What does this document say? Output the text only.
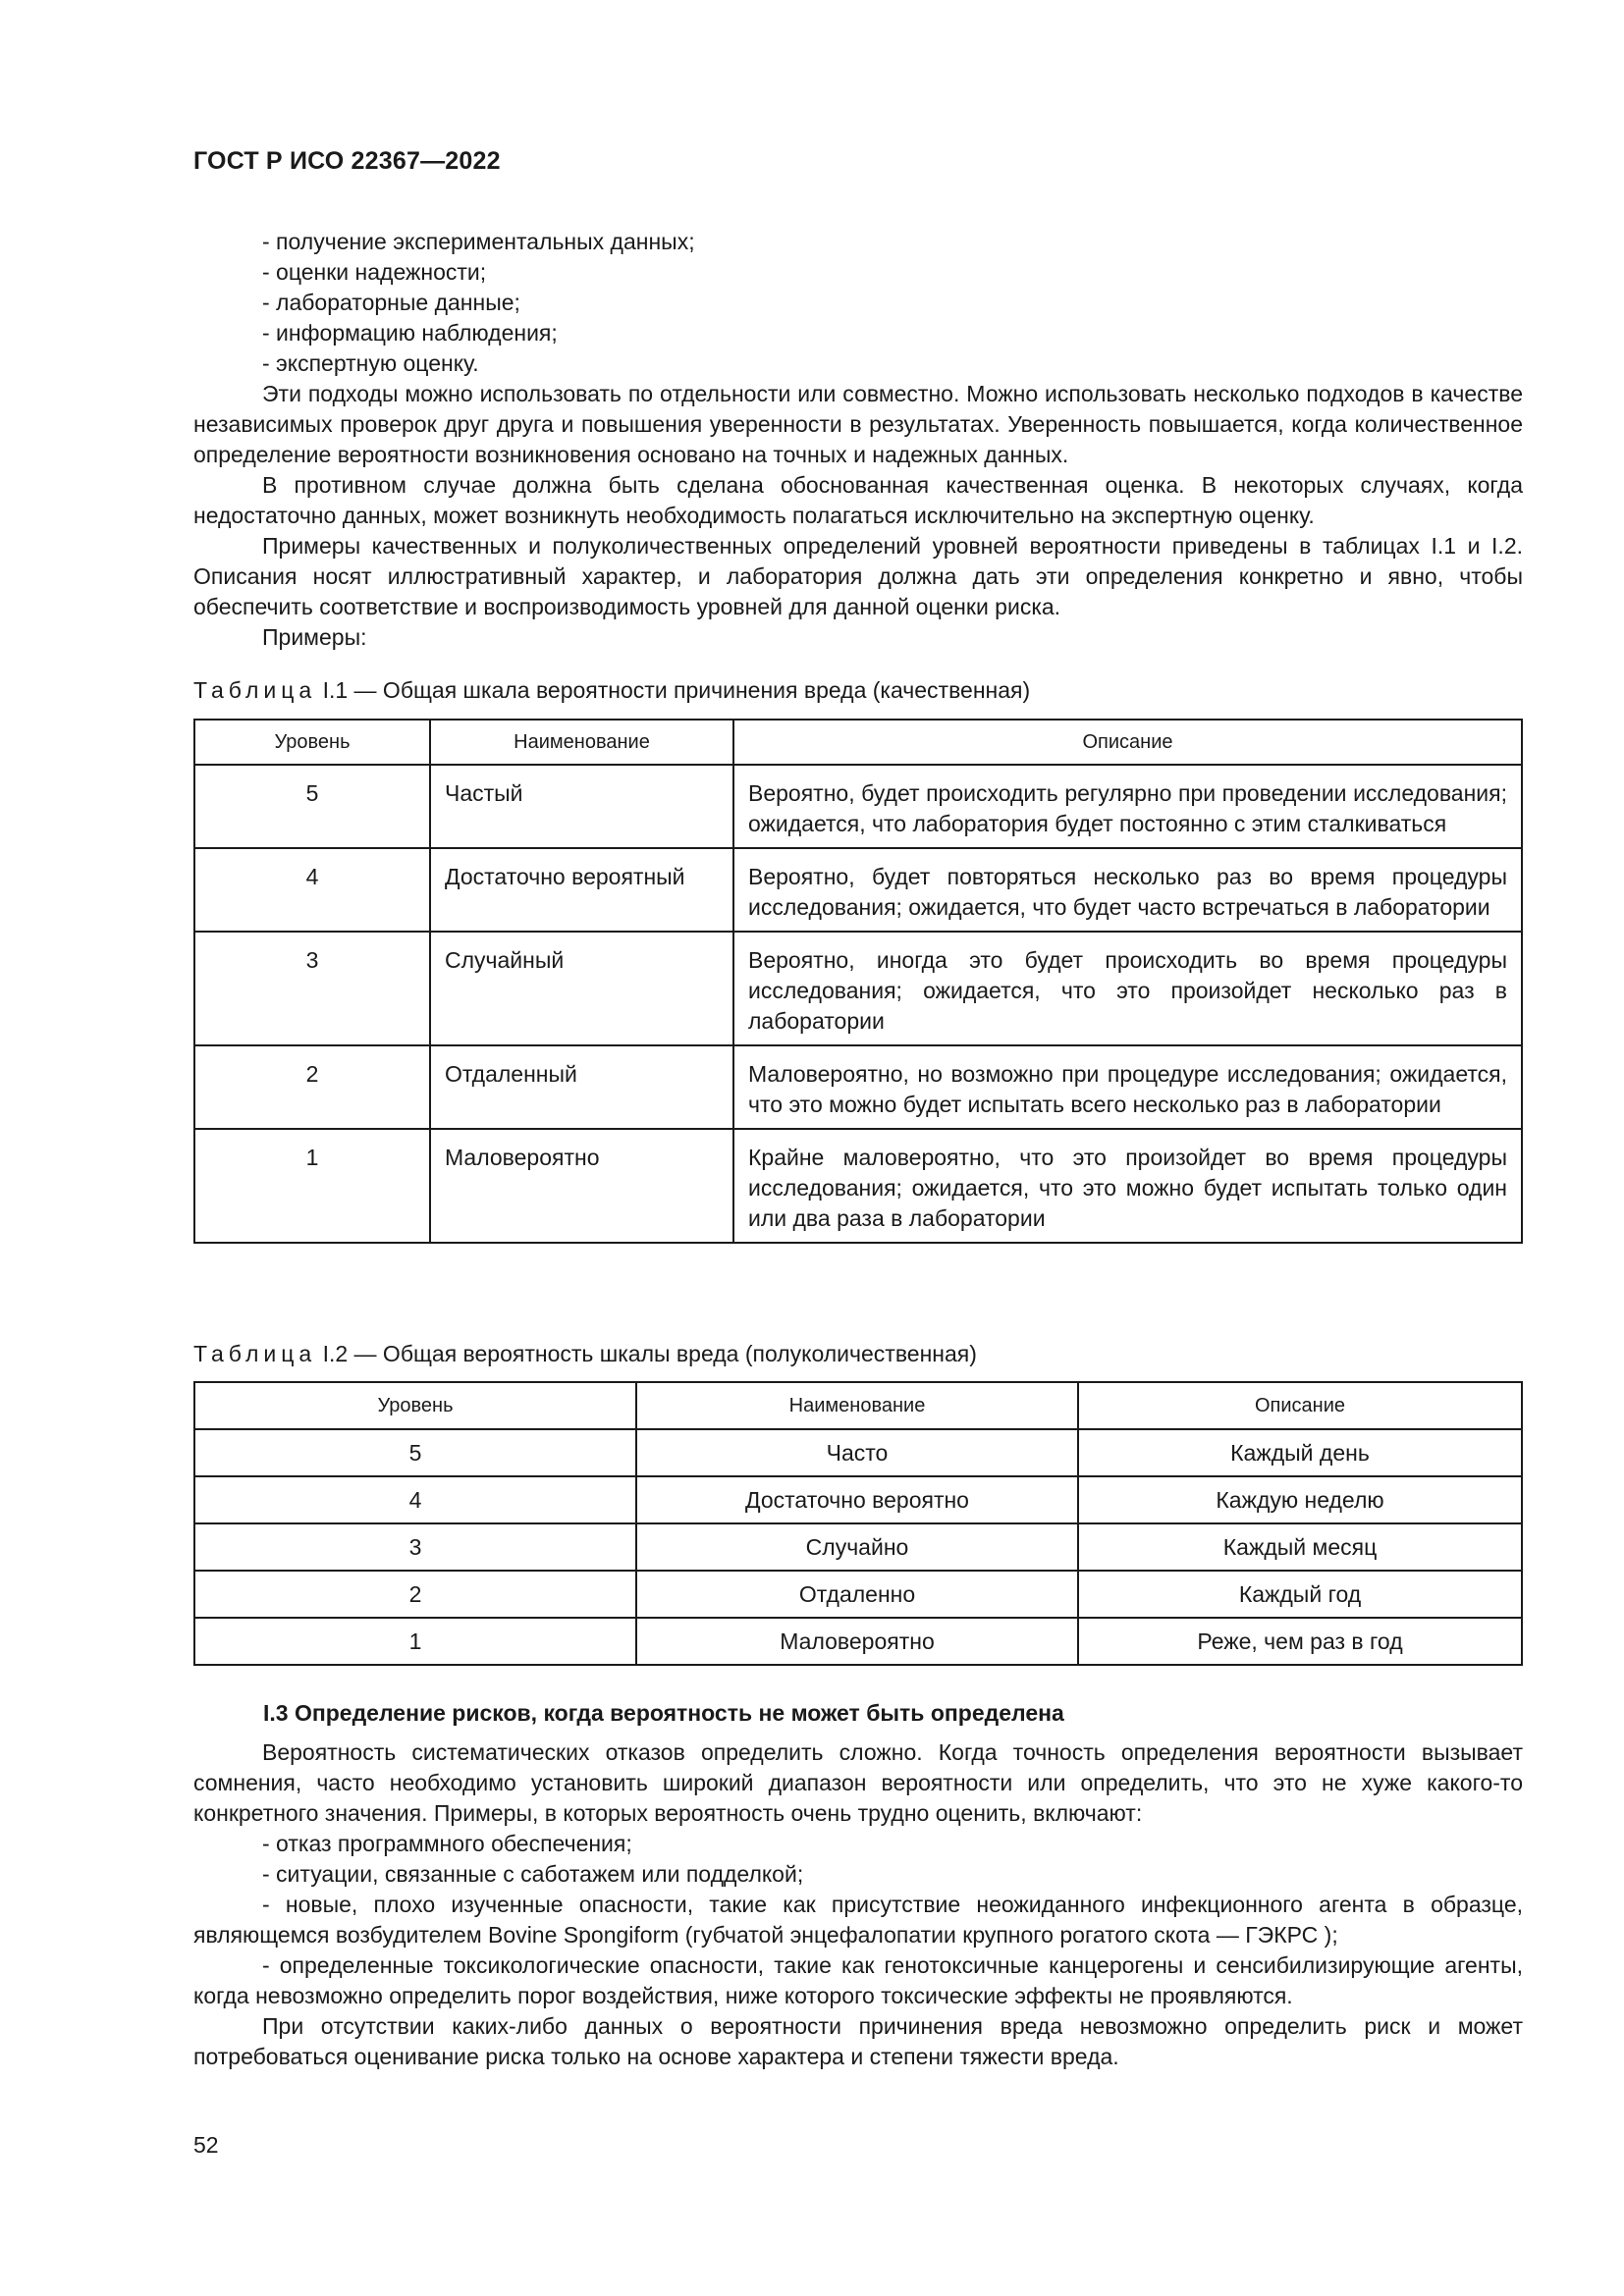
ГОСТ Р ИСО 22367—2022

- получение экспериментальных данных;

- оценки надежности;

- лабораторные данные;

- информацию наблюдения;

- экспертную оценку.

Эти подходы можно использовать по отдельности или совместно. Можно использовать несколько подходов в качестве независимых проверок друг друга и повышения уверенности в результатах. Уверенность повышается, когда количественное определение вероятности возникновения основано на точных и надежных данных.

В противном случае должна быть сделана обоснованная качественная оценка. В некоторых случаях, когда недостаточно данных, может возникнуть необходимость полагаться исключительно на экспертную оценку.

Примеры качественных и полуколичественных определений уровней вероятности приведены в таблицах I.1 и I.2. Описания носят иллюстративный характер, и лаборатория должна дать эти определения конкретно и явно, чтобы обеспечить соответствие и воспроизводимость уровней для данной оценки риска.

Примеры:

Таблица I.1 — Общая шкала вероятности причинения вреда (качественная)
Уровень	Наименование	Описание
5	Частый	Вероятно, будет происходить регулярно при проведении исследования; ожидается, что лаборатория будет постоянно с этим сталкиваться
4	Достаточно вероятный	Вероятно, будет повторяться несколько раз во время процедуры исследования; ожидается, что будет часто встречаться в лаборатории
3	Случайный	Вероятно, иногда это будет происходить во время процедуры исследования; ожидается, что это произойдет несколько раз в лаборатории
2	Отдаленный	Маловероятно, но возможно при процедуре исследования; ожидается, что это можно будет испытать всего несколько раз в лаборатории
1	Маловероятно	Крайне маловероятно, что это произойдет во время процедуры исследования; ожидается, что это можно будет испытать только один или два раза в лаборатории
Таблица I.2 — Общая вероятность шкалы вреда (полуколичественная)
Уровень	Наименование	Описание
5	Часто	Каждый день
4	Достаточно вероятно	Каждую неделю
3	Случайно	Каждый месяц
2	Отдаленно	Каждый год
1	Маловероятно	Реже, чем раз в год
I.3 Определение рисков, когда вероятность не может быть определена

Вероятность систематических отказов определить сложно. Когда точность определения вероятности вызывает сомнения, часто необходимо установить широкий диапазон вероятности или определить, что это не хуже какого-то конкретного значения. Примеры, в которых вероятность очень трудно оценить, включают:

- отказ программного обеспечения;

- ситуации, связанные с саботажем или подделкой;

- новые, плохо изученные опасности, такие как присутствие неожиданного инфекционного агента в образце, являющемся возбудителем Bovine Spongiform (губчатой энцефалопатии крупного рогатого скота — ГЭКРС );

- определенные токсикологические опасности, такие как генотоксичные канцерогены и сенсибилизирующие агенты, когда невозможно определить порог воздействия, ниже которого токсические эффекты не проявляются.

При отсутствии каких-либо данных о вероятности причинения вреда невозможно определить риск и может потребоваться оценивание риска только на основе характера и степени тяжести вреда.

52
